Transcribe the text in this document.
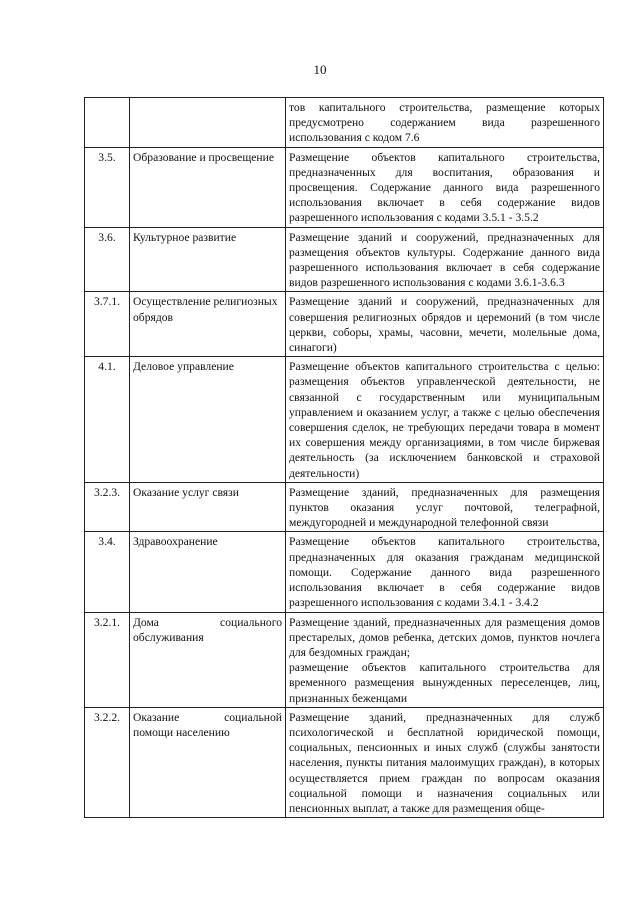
10

		тов капитального строительства, размещение которых предусмотрено содержанием вида разрешенного использования с кодом 7.6

3.5.	Образование и просвещение	Размещение объектов капитального строительства, предназначенных для воспитания, образования и просвещения. Содержание данного вида разрешенного использования включает в себя содержание видов разрешенного использования с кодами 3.5.1 - 3.5.2

3.6.	Культурное развитие	Размещение зданий и сооружений, предназначенных для размещения объектов культуры. Содержание данного вида разрешенного использования включает в себя содержание видов разрешенного использования с кодами 3.6.1-3.6.3

3.7.1.	Осуществление религиозных обрядов	Размещение зданий и сооружений, предназначенных для совершения религиозных обрядов и церемоний (в том числе церкви, соборы, храмы, часовни, мечети, молельные дома, синагоги)

4.1.	Деловое управление	Размещение объектов капитального строительства с целью: размещения объектов управленческой деятельности, не связанной с государственным или муниципальным управлением и оказанием услуг, а также с целью обеспечения совершения сделок, не требующих передачи товара в момент их совершения между организациями, в том числе биржевая деятельность (за исключением банковской и страховой деятельности)

3.2.3.	Оказание услуг связи	Размещение зданий, предназначенных для размещения пунктов оказания услуг почтовой, телеграфной, междугородней и международной телефонной связи

3.4.	Здравоохранение	Размещение объектов капитального строительства, предназначенных для оказания гражданам медицинской помощи. Содержание данного вида разрешенного использования включает в себя содержание видов разрешенного использования с кодами 3.4.1 - 3.4.2

3.2.1.	Дома социального обслуживания	Размещение зданий, предназначенных для размещения домов престарелых, домов ребенка, детских домов, пунктов ночлега для бездомных граждан;
размещение объектов капитального строительства для временного размещения вынужденных переселенцев, лиц, признанных беженцами

3.2.2.	Оказание социальной помощи населению	Размещение зданий, предназначенных для служб психологической и бесплатной юридической помощи, социальных, пенсионных и иных служб (службы занятости населения, пункты питания малоимущих граждан), в которых осуществляется прием граждан по вопросам оказания социальной помощи и назначения социальных или пенсионных выплат, а также для размещения обще-
